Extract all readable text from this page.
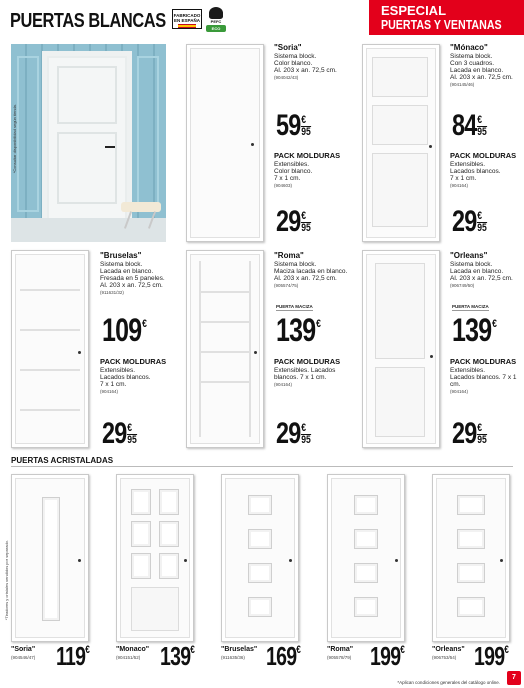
PUERTAS BLANCAS	FABRICADO EN ESPAÑA	PEFC
ECO
ESPECIAL
PUERTAS Y VENTANAS
*Consultar disponibilidad según tienda.
"Soria"
Sistema block.
Color blanco.
Al. 203 x an. 72,5 cm.
(904042/43)
59 €
95
PACK MOLDURAS
Extensibles.
Color blanco.
7 x 1 cm.
(904603)
29 €
95
"Mónaco"
Sistema block.
Con 3 cuadros.
Lacada en blanco.
Al. 203 x an. 72,5 cm.
(904145/46)
84 €
95
PACK MOLDURAS
Extensibles.
Lacados blancos.
7 x 1 cm.
(904164)
29 €
95
"Bruselas"
Sistema block.
Lacada en blanco.
Fresada en 5 paneles.
Al. 203 x an. 72,5 cm.
(911631/32)
109 €
PACK MOLDURAS
Extensibles.
Lacados blancos.
7 x 1 cm.
(904164)
29 €
95
"Roma"
Sistema block.
Maciza lacada en blanco.
Al. 203 x an. 72,5 cm.
(905574/75)
PUERTA MACIZA
139 €
PACK MOLDURAS
Extensibles. Lacados
blancos. 7 x 1 cm.
(904164)
29 €
95
"Orleans"
Sistema block.
Lacada en blanco.
Al. 203 x an. 72,5 cm.
(906749/50)
PUERTA MACIZA
139 €
PACK MOLDURAS
Extensibles.
Lacados blancos. 7 x 1 cm.
(904164)
29 €
95
PUERTAS ACRISTALADAS
*Tiradores y cristales vendidos por separado.
"Soria"
(904546/47) 119€	"Monaco"
(904151/52) 139€	"Bruselas"
(911635/36) 169€	"Roma"
(905578/79) 199€	"Orleans"
(906753/54) 199€
*Aplican condiciones generales del catálogo online.
7
